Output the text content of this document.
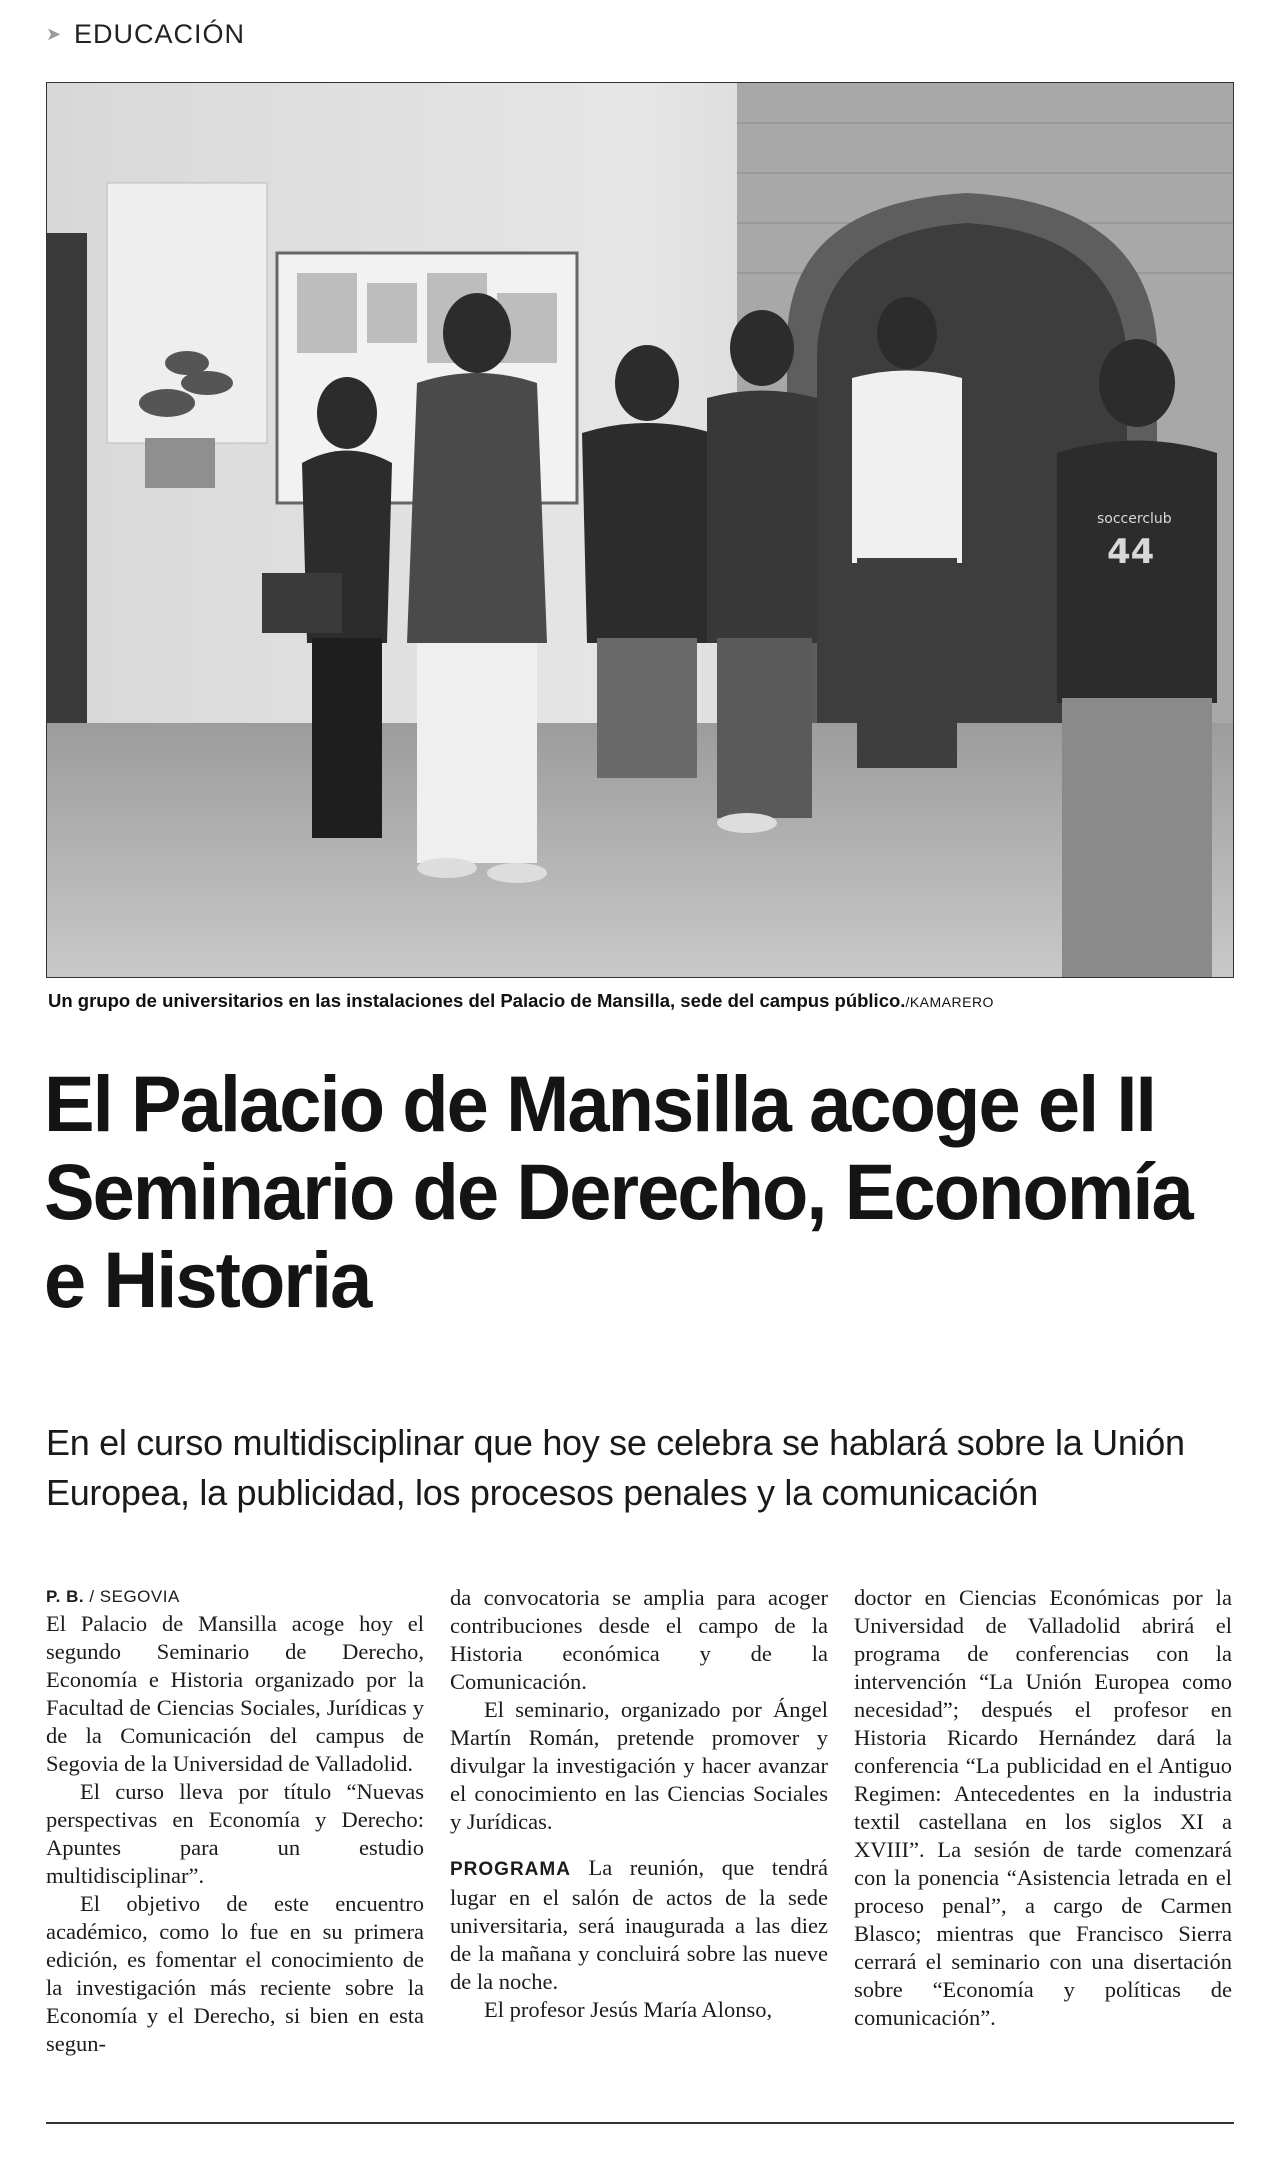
➤ EDUCACIÓN
soccerclub
44
Un grupo de universitarios en las instalaciones del Palacio de Mansilla, sede del campus público./KAMARERO
El Palacio de Mansilla acoge el II Seminario de Derecho, Economía e Historia

En el curso multidisciplinar que hoy se celebra se hablará sobre la Unión Europea, la publicidad, los procesos penales y la comunicación

P. B. / SEGOVIA

El Palacio de Mansilla acoge hoy el segundo Seminario de Derecho, Economía e Historia organizado por la Facultad de Ciencias Sociales, Jurídicas y de la Comunicación del campus de Segovia de la Universidad de Valladolid.

El curso lleva por título “Nuevas perspectivas en Economía y Derecho: Apuntes para un estudio multidisciplinar”.

El objetivo de este encuentro académico, como lo fue en su primera edición, es fomentar el conocimiento de la investigación más reciente sobre la Economía y el Derecho, si bien en esta segun-

da convocatoria se amplia para acoger contribuciones desde el campo de la Historia económica y de la Comunicación.

El seminario, organizado por Ángel Martín Román, pretende promover y divulgar la investigación y hacer avanzar el conocimiento en las Ciencias Sociales y Jurídicas.

PROGRAMA La reunión, que tendrá lugar en el salón de actos de la sede universitaria, será inaugurada a las diez de la mañana y concluirá sobre las nueve de la noche.

El profesor Jesús María Alonso,

doctor en Ciencias Económicas por la Universidad de Valladolid abrirá el programa de conferencias con la intervención “La Unión Europea como necesidad”; después el profesor en Historia Ricardo Hernández dará la conferencia “La publicidad en el Antiguo Regimen: Antecedentes en la industria textil castellana en los siglos XI a XVIII”. La sesión de tarde comenzará con la ponencia “Asistencia letrada en el proceso penal”, a cargo de Carmen Blasco; mientras que Francisco Sierra cerrará el seminario con una disertación sobre “Economía y políticas de comunicación”.
